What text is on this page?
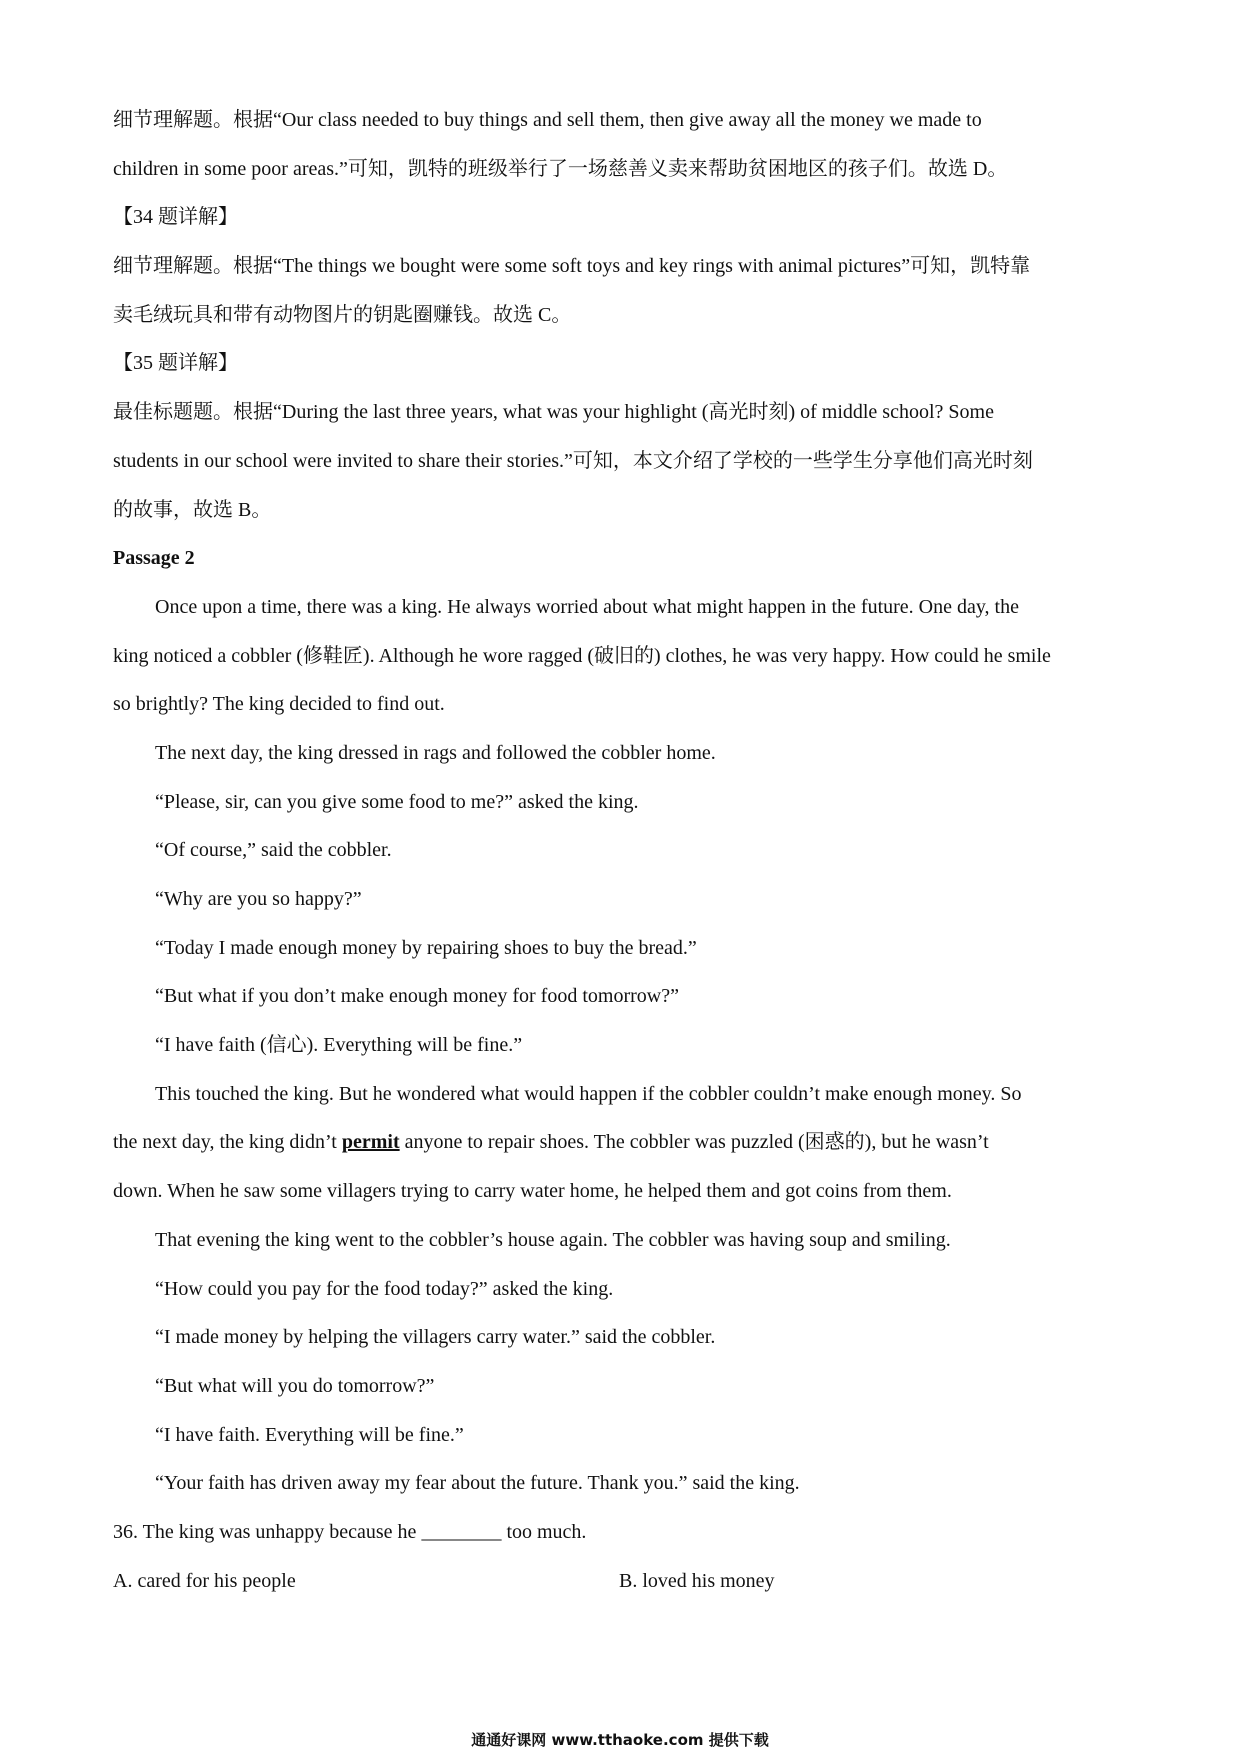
细节理解题。根据“Our class needed to buy things and sell them, then give away all the money we made to
children in some poor areas.”可知，凯特的班级举行了一场慈善义卖来帮助贫困地区的孩子们。故选 D。
【34 题详解】
细节理解题。根据“The things we bought were some soft toys and key rings with animal pictures”可知，凯特靠
卖毛绒玩具和带有动物图片的钥匙圈赚钱。故选 C。
【35 题详解】
最佳标题题。根据“During the last three years, what was your highlight (高光时刻) of middle school? Some
students in our school were invited to share their stories.”可知，本文介绍了学校的一些学生分享他们高光时刻
的故事，故选 B。
Passage 2
Once upon a time, there was a king. He always worried about what might happen in the future. One day, the
king noticed a cobbler (修鞋匠). Although he wore ragged (破旧的) clothes, he was very happy. How could he smile
so brightly? The king decided to find out.
The next day, the king dressed in rags and followed the cobbler home.
“Please, sir, can you give some food to me?” asked the king.
“Of course,” said the cobbler.
“Why are you so happy?”
“Today I made enough money by repairing shoes to buy the bread.”
“But what if you don’t make enough money for food tomorrow?”
“I have faith (信心). Everything will be fine.”
This touched the king. But he wondered what would happen if the cobbler couldn’t make enough money. So
the next day, the king didn’t permit anyone to repair shoes. The cobbler was puzzled (困惑的), but he wasn’t
down. When he saw some villagers trying to carry water home, he helped them and got coins from them.
That evening the king went to the cobbler’s house again. The cobbler was having soup and smiling.
“How could you pay for the food today?” asked the king.
“I made money by helping the villagers carry water.” said the cobbler.
“But what will you do tomorrow?”
“I have faith. Everything will be fine.”
“Your faith has driven away my fear about the future. Thank you.” said the king.
36. The king was unhappy because he ________ too much.
A. cared for his people	B. loved his money
通通好课网 www.tthaoke.com 提供下载
